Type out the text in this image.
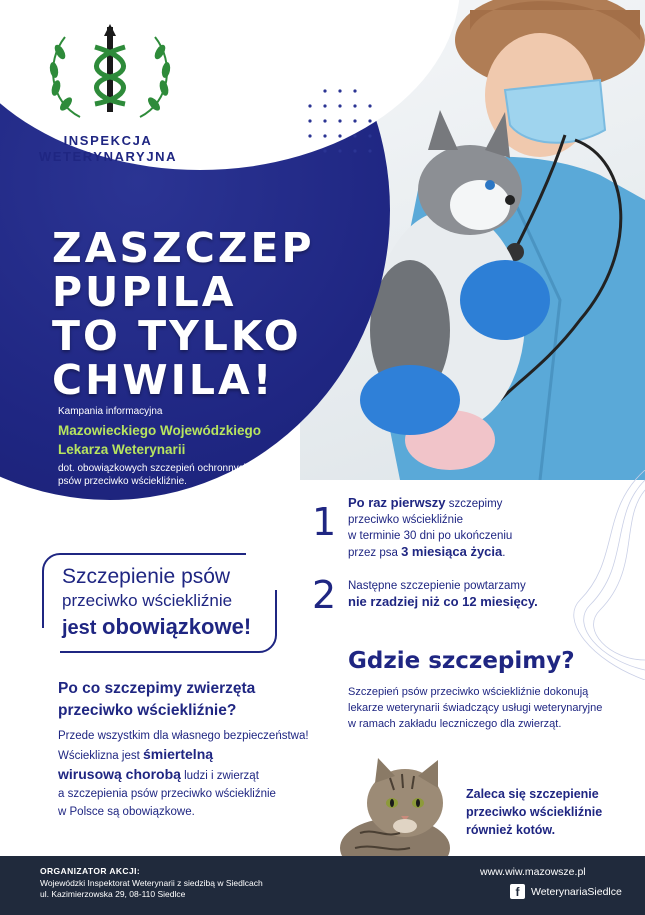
INSPEKCJA
WETERYNARYJNA
ZASZCZEP
PUPILA
TO TYLKO
CHWILA!
Kampania informacyjna
Mazowieckiego Wojewódzkiego
Lekarza Weterynarii
dot. obowiązkowych szczepień ochronnych
psów przeciwko wściekliźnie.
1 Po raz pierwszy szczepimy
przeciwko wściekliźnie
w terminie 30 dni po ukończeniu
przez psa 3 miesiąca życia.
2 Następne szczepienie powtarzamy
nie rzadziej niż co 12 miesięcy.
Szczepienie psów
przeciwko wściekliźnie
jest obowiązkowe!
Po co szczepimy zwierzęta
przeciwko wściekliźnie?
Przede wszystkim dla własnego bezpieczeństwa!
Wścieklizna jest śmiertelną
wirusową chorobą ludzi i zwierząt
a szczepienia psów przeciwko wściekliźnie
w Polsce są obowiązkowe.
Gdzie szczepimy?
Szczepień psów przeciwko wściekliźnie dokonują
lekarze weterynarii świadczący usługi weterynaryjne
w ramach zakładu leczniczego dla zwierząt.
Zaleca się szczepienie
przeciwko wściekliźnie
również kotów.
ORGANIZATOR AKCJI:
Wojewódzki Inspektorat Weterynarii z siedzibą w Siedlcach
ul. Kazimierzowska 29, 08-110 Siedlce
www.wiw.mazowsze.pl
f	WeterynariaSiedlce
